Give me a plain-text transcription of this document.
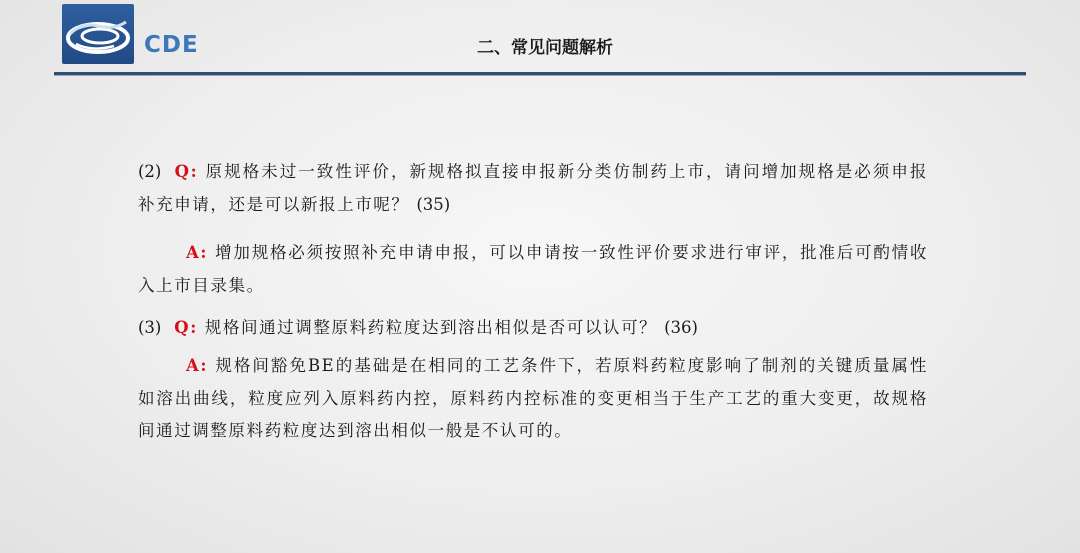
CDE	二、常见问题解析

(2) Q: 原规格未过一致性评价，新规格拟直接申报新分类仿制药上市，请问增加规格是必须申报补充申请，还是可以新报上市呢？ (35)

A: 增加规格必须按照补充申请申报，可以申请按一致性评价要求进行审评，批准后可酌情收入上市目录集。

(3) Q: 规格间通过调整原料药粒度达到溶出相似是否可以认可？ (36)

A: 规格间豁免BE的基础是在相同的工艺条件下，若原料药粒度影响了制剂的关键质量属性如溶出曲线，粒度应列入原料药内控，原料药内控标准的变更相当于生产工艺的重大变更，故规格间通过调整原料药粒度达到溶出相似一般是不认可的。
